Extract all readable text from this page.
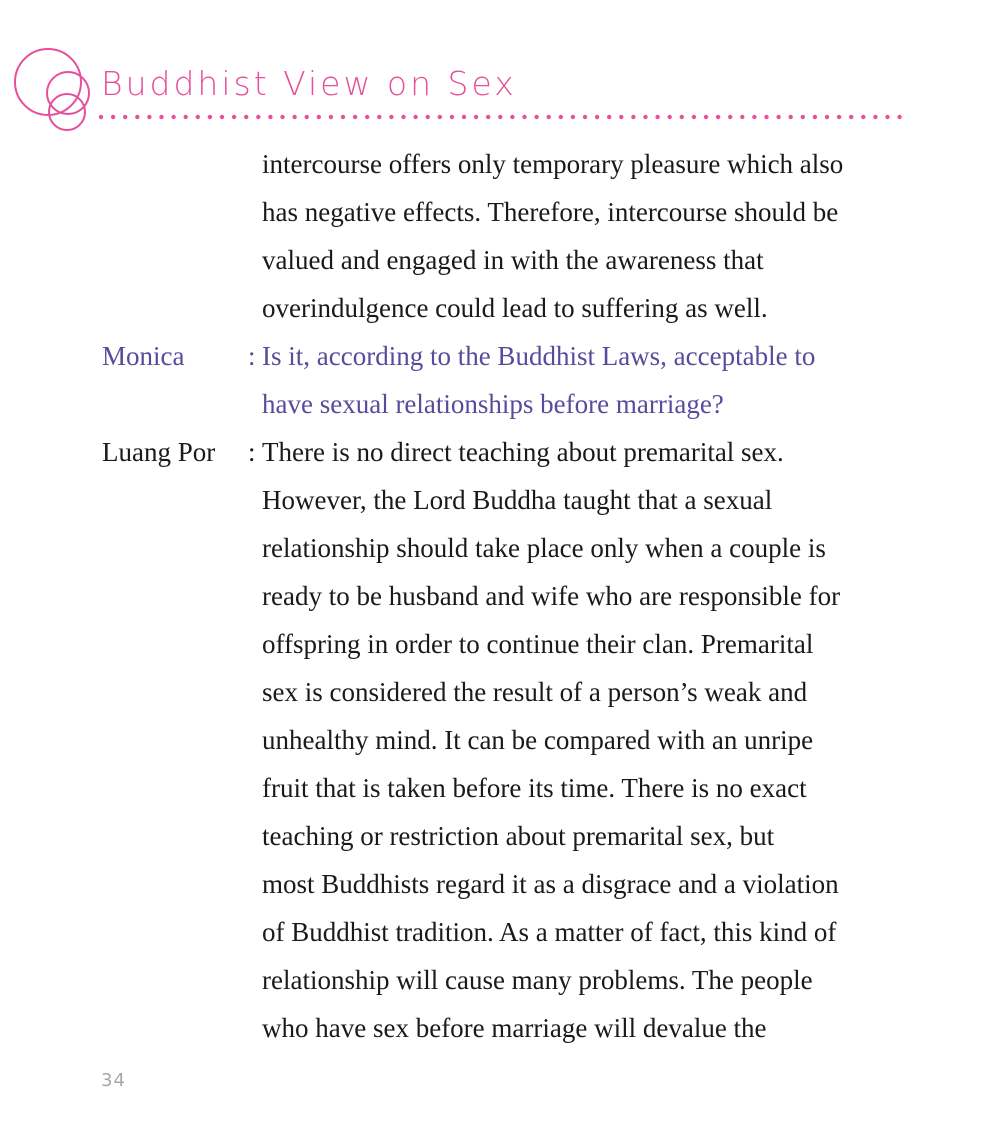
Buddhist View on Sex
intercourse offers only temporary pleasure which also
has negative effects. Therefore, intercourse should be
valued and engaged in with the awareness that
overindulgence could lead to suffering as well.
Monica : Is it, according to the Buddhist Laws, acceptable to
have sexual relationships before marriage?
Luang Por : There is no direct teaching about premarital sex.
However, the Lord Buddha taught that a sexual
relationship should take place only when a couple is
ready to be husband and wife who are responsible for
offspring in order to continue their clan. Premarital
sex is considered the result of a person’s weak and
unhealthy mind. It can be compared with an unripe
fruit that is taken before its time. There is no exact
teaching or restriction about premarital sex, but
most Buddhists regard it as a disgrace and a violation
of Buddhist tradition. As a matter of fact, this kind of
relationship will cause many problems. The people
who have sex before marriage will devalue the
34
